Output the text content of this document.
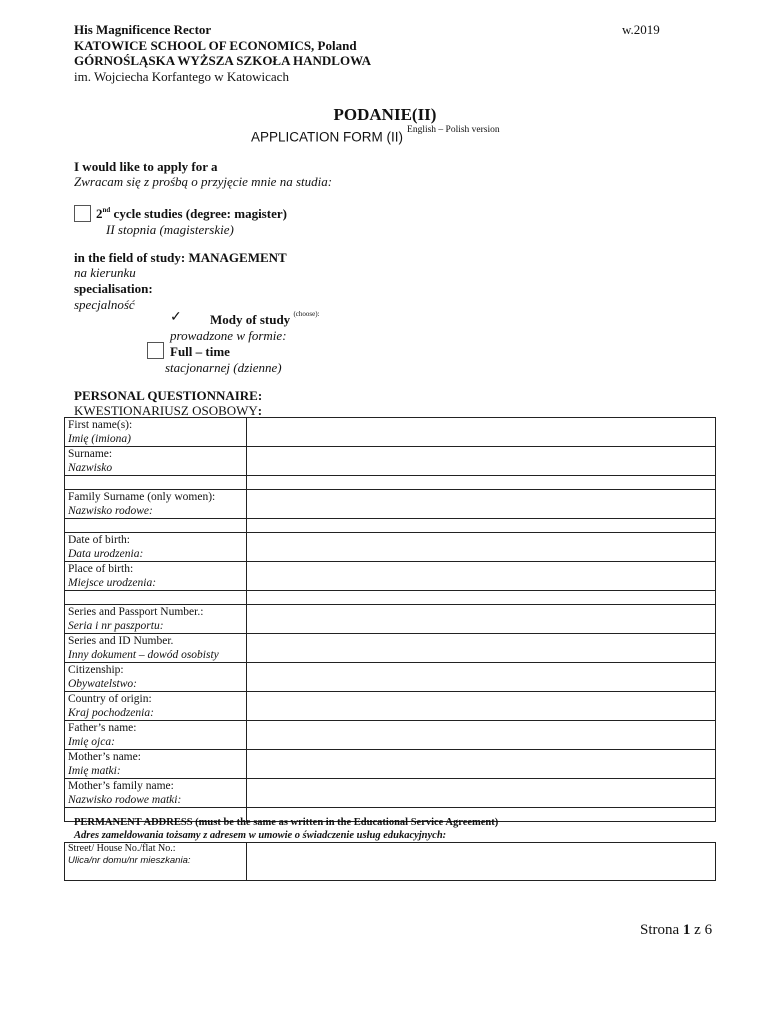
His Magnificence Rector
KATOWICE SCHOOL OF ECONOMICS, Poland
GÓRNOŚLĄSKA WYŻSZA SZKOŁA HANDLOWA
im. Wojciecha Korfantego w Katowicach
w.2019
PODANIE(II)
APPLICATION FORM (II) $^{English - Polish version}$
I would like to apply for a
Zwracam się z prośbą o przyjęcie mnie na studia:
2nd cycle studies (degree: magister)
II stopnia (magisterskie)
in the field of study: MANAGEMENT
na kierunku
specialisation:
specjalność
✓ Mody of study $^{(choose):}$
prowadzone w formie:
Full – time
stacjonarnej (dzienne)
PERSONAL QUESTIONNAIRE:
KWESTIONARIUSZ OSOBOWY:
First name(s):
Imię (imiona)	

Surname:
Nazwisko	

Family Surname (only women):
Nazwisko rodowe:	

Date of birth:
Data urodzenia:	

Place of birth:
Miejsce urodzenia:	

Series and Passport Number.:
Seria i nr paszportu:	

Series and ID Number.
Inny dokument – dowód osobisty	

Citizenship:
Obywatelstwo:	

Country of origin:
Kraj pochodzenia:	

Father’s name:
Imię ojca:	

Mother’s name:
Imię matki:	

Mother’s family name:
Nazwisko rodowe matki:	

PERMANENT ADDRESS (must be the same as written in the Educational Service Agreement)
Adres zameldowania tożsamy z adresem w umowie o świadczenie usług edukacyjnych:
Street/ House No./flat No.:
Ulica/nr domu/nr mieszkania:

Strona 1 z 6
